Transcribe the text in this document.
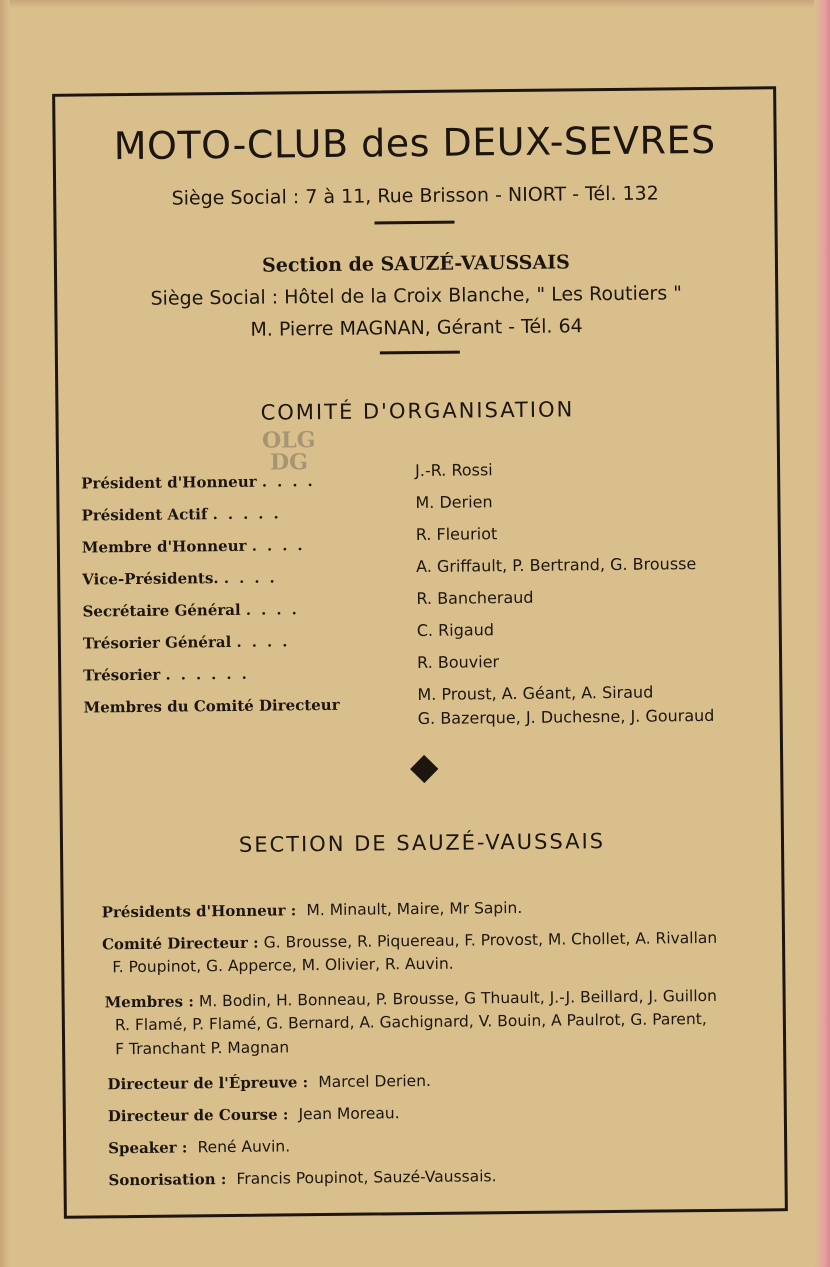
MOTO-CLUB des DEUX-SEVRES
Siège Social : 7 à 11, Rue Brisson - NIORT - Tél. 132
Section de SAUZÉ-VAUSSAIS
Siège Social : Hôtel de la Croix Blanche, " Les Routiers "
M. Pierre MAGNAN, Gérant - Tél. 64
COMITÉ D'ORGANISATION
OLG DG
Président d'Honneur ....
J.-R. Rossi
Président Actif .....
M. Derien
Membre d'Honneur ....
R. Fleuriot
Vice-Présidents. ....
A. Griffault, P. Bertrand, G. Brousse
Secrétaire Général ....
R. Bancheraud
Trésorier Général ....
C. Rigaud
Trésorier ......
R. Bouvier
Membres du Comité Directeur
M. Proust, A. Géant, A. Siraud
G. Bazerque, J. Duchesne, J. Gouraud
SECTION DE SAUZÉ-VAUSSAIS
Présidents d'Honneur : M. Minault, Maire, Mr Sapin.
Comité Directeur : G. Brousse, R. Piquereau, F. Provost, M. Chollet, A. Rivallan
F. Poupinot, G. Apperce, M. Olivier, R. Auvin.
Membres : M. Bodin, H. Bonneau, P. Brousse, G Thuault, J.-J. Beillard, J. Guillon
R. Flamé, P. Flamé, G. Bernard, A. Gachignard, V. Bouin, A Paulrot, G. Parent,
F Tranchant P. Magnan
Directeur de l'Épreuve : Marcel Derien.
Directeur de Course : Jean Moreau.
Speaker : René Auvin.
Sonorisation : Francis Poupinot, Sauzé-Vaussais.
